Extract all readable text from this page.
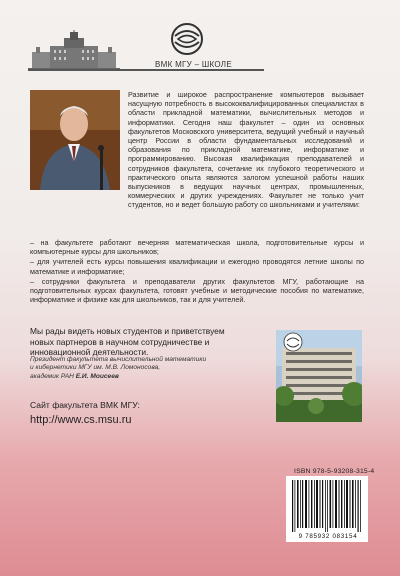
ВМК МГУ – ШКОЛЕ
Развитие и широкое распространение компьютеров вызывает насущную потребность в высококвалифицированных специалистах в области прикладной математики, вычислительных методов и информатики. Сегодня наш факультет – один из основных факультетов Московского университета, ведущий учебный и научный центр России в области фундаментальных исследований и образования по прикладной математике, информатике и программированию. Высокая квалификация преподавателей и сотрудников факультета, сочетание их глубокого теоретического и практического опыта являются залогом успешной работы наших выпускников в ведущих научных центрах, промышленных, коммерческих и других учреждениях. Факультет не только учит студентов, но и ведет большую работу со школьниками и учителями:
– на факультете работают вечерняя математическая школа, подготовительные курсы и компьютерные курсы для школьников;
– для учителей есть курсы повышения квалификации и ежегодно проводятся летние школы по математике и информатике;
– сотрудники факультета и преподаватели других факультетов МГУ, работающие на подготовительных курсах факультета, готовят учебные и методические пособия по математике, информатике и физике как для школьников, так и для учителей.
Мы рады видеть новых студентов и приветствуем новых партнеров в научном сотрудничестве и инновационной деятельности.
Президент факультета вычислительной математики
и кибернетики МГУ им. М.В. Ломоносова,
академик РАН Е.И. Моисеев
Сайт факультета ВМК МГУ:
http://www.cs.msu.ru
ISBN 978-5-93208-315-4
9 785932 083154
